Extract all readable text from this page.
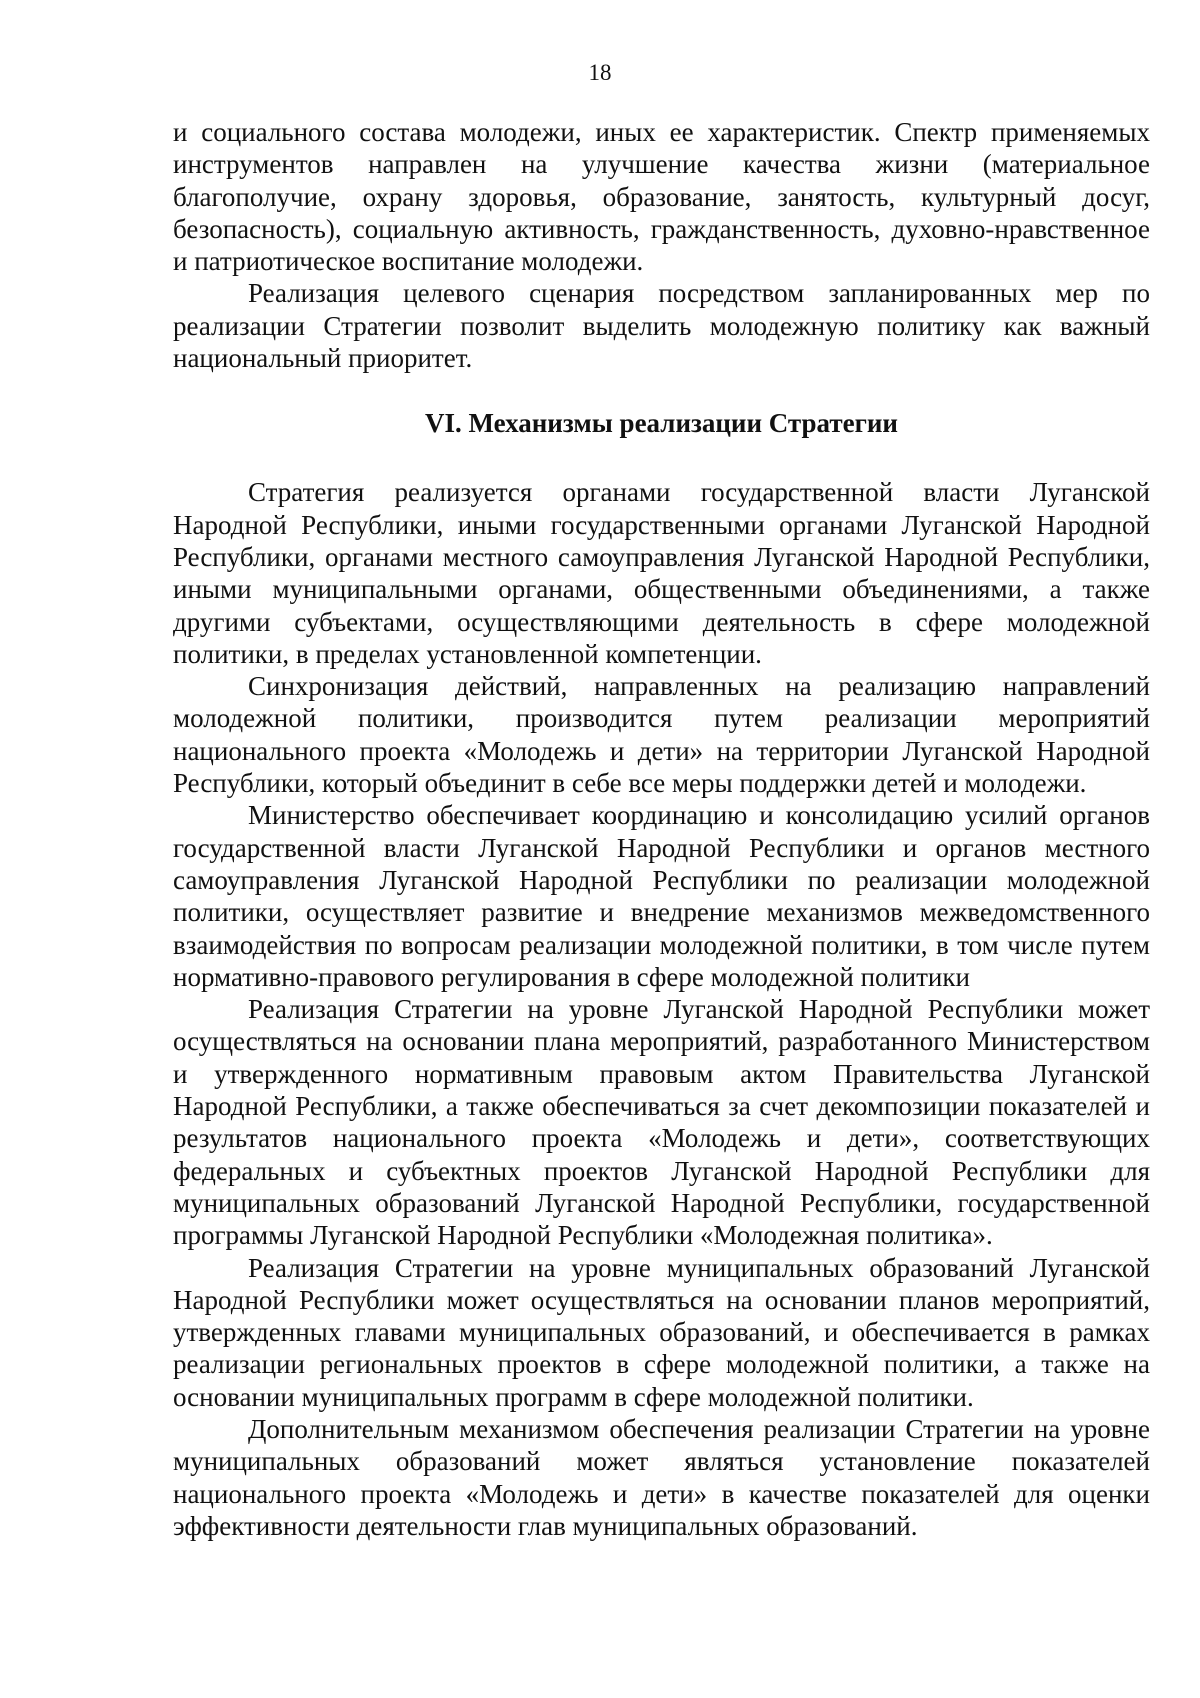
18

и социального состава молодежи, иных ее характеристик. Спектр применяемых инструментов направлен на улучшение качества жизни (материальное благополучие, охрану здоровья, образование, занятость, культурный досуг, безопасность), социальную активность, гражданственность, духовно-нравственное и патриотическое воспитание молодежи.

Реализация целевого сценария посредством запланированных мер по реализации Стратегии позволит выделить молодежную политику как важный национальный приоритет.

VI. Механизмы реализации Стратегии

Стратегия реализуется органами государственной власти Луганской Народной Республики, иными государственными органами Луганской Народной Республики, органами местного самоуправления Луганской Народной Республики, иными муниципальными органами, общественными объединениями, а также другими субъектами, осуществляющими деятельность в сфере молодежной политики, в пределах установленной компетенции.

Синхронизация действий, направленных на реализацию направлений молодежной политики, производится путем реализации мероприятий национального проекта «Молодежь и дети» на территории Луганской Народной Республики, который объединит в себе все меры поддержки детей и молодежи.

Министерство обеспечивает координацию и консолидацию усилий органов государственной власти Луганской Народной Республики и органов местного самоуправления Луганской Народной Республики по реализации молодежной политики, осуществляет развитие и внедрение механизмов межведомственного взаимодействия по вопросам реализации молодежной политики, в том числе путем нормативно-правового регулирования в сфере молодежной политики

Реализация Стратегии на уровне Луганской Народной Республики может осуществляться на основании плана мероприятий, разработанного Министерством и утвержденного нормативным правовым актом Правительства Луганской Народной Республики, а также обеспечиваться за счет декомпозиции показателей и результатов национального проекта «Молодежь и дети», соответствующих федеральных и субъектных проектов Луганской Народной Республики для муниципальных образований Луганской Народной Республики, государственной программы Луганской Народной Республики «Молодежная политика».

Реализация Стратегии на уровне муниципальных образований Луганской Народной Республики может осуществляться на основании планов мероприятий, утвержденных главами муниципальных образований, и обеспечивается в рамках реализации региональных проектов в сфере молодежной политики, а также на основании муниципальных программ в сфере молодежной политики.

Дополнительным механизмом обеспечения реализации Стратегии на уровне муниципальных образований может являться установление показателей национального проекта «Молодежь и дети» в качестве показателей для оценки эффективности деятельности глав муниципальных образований.
